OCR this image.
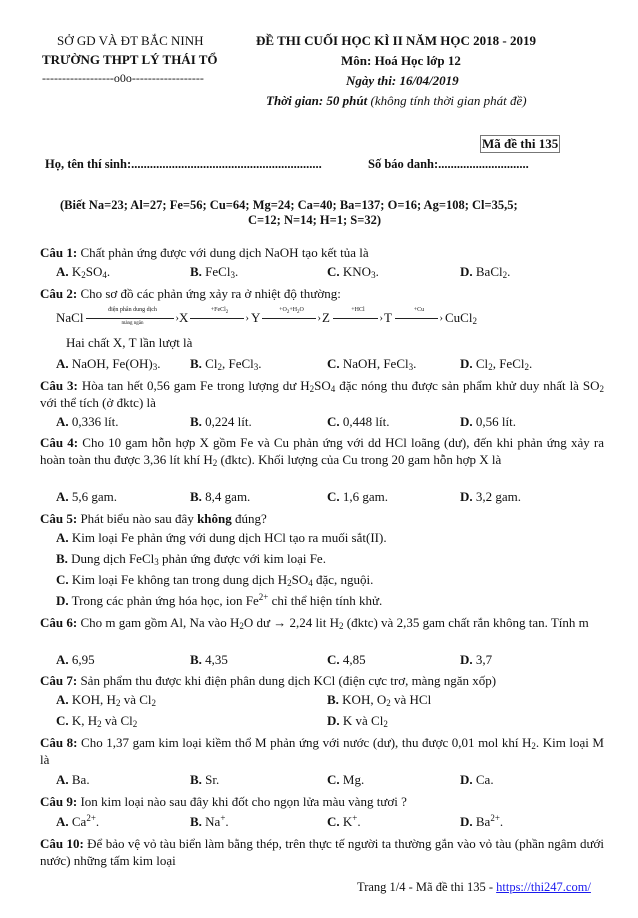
SỞ GD VÀ ĐT BẮC NINH
TRƯỜNG THPT LÝ THÁI TỔ
------------------o0o------------------
ĐỀ THI CUỐI HỌC KÌ II NĂM HỌC 2018 - 2019
Môn: Hoá Học lớp 12
Ngày thi: 16/04/2019
Thời gian: 50 phút (không tính thời gian phát đề)
Mã đề thi 135
Họ, tên thí sinh:.............................................................	Số báo danh:.............................
(Biết Na=23; Al=27; Fe=56; Cu=64; Mg=24; Ca=40; Ba=137; O=16; Ag=108; Cl=35,5;
C=12; N=14; H=1; S=32)
Câu 1: Chất phản ứng được với dung dịch NaOH tạo kết tủa là
A. $K_2SO_4$.	B. FeCl$_3$.	C. $KNO_3$.	D. BaCl$_2$.
Câu 2: Cho sơ đồ các phản ứng xảy ra ở nhiệt độ thường:
NaCl	điện phân dung dịch
›
màng ngăn	X	+FeCl$_2$	› Y	$+O_2+H_2O$
› Z	+HCl
› T	+Cu
› CuCl$_2$
Hai chất X, T lần lượt là
A. NaOH, $Fe(OH)_3$. B. $Cl_2$, FeCl$_3$.	C. NaOH, FeCl$_3$.	D. $Cl_2$, FeCl$_2$.
Câu 3: Hòa tan hết 0,56 gam Fe trong lượng dư $H_2SO_4$ đặc nóng thu được sản phẩm khử duy nhất là $SO_2$ với thể tích (ở đktc) là
A. 0,336 lít.	B. 0,224 lít.	C. 0,448 lít.	D. 0,56 lít.
Câu 4: Cho 10 gam hỗn hợp X gồm Fe và Cu phản ứng với dd HCl loãng (dư), đến khi phản ứng xảy ra hoàn toàn thu được 3,36 lít khí $H_2$ (đktc). Khối lượng của Cu trong 20 gam hỗn hợp X là
A. 5,6 gam.	B. 8,4 gam.	C. 1,6 gam.	D. 3,2 gam.
Câu 5: Phát biểu nào sau đây không đúng?
A. Kim loại Fe phản ứng với dung dịch HCl tạo ra muối sắt(II).
B. Dung dịch FeCl$_3$ phản ứng được với kim loại Fe.
C. Kim loại Fe không tan trong dung dịch $H_2SO_4$ đặc, nguội.
D. Trong các phản ứng hóa học, ion $Fe^{2+}$ chỉ thể hiện tính khử.
Câu 6: Cho m gam gồm Al, Na vào $H_2O$ dư → 2,24 lit $H_2$ (đktc) và 2,35 gam chất rắn không tan. Tính m
A. 6,95	B. 4,35	C. 4,85	D. 3,7
Câu 7: Sản phẩm thu được khi điện phân dung dịch KCl (điện cực trơ, màng ngăn xốp)
A. KOH, $H_2$ và $Cl_2$	B. KOH, $O_2$ và HCl
C. K, $H_2$ và $Cl_2$	D. K và $Cl_2$
Câu 8: Cho 1,37 gam kim loại kiềm thổ M phản ứng với nước (dư), thu được 0,01 mol khí $H_2$. Kim loại M là
A. Ba.	B. Sr.	C. Mg.	D. Ca.
Câu 9: Ion kim loại nào sau đây khi đốt cho ngọn lửa màu vàng tươi ?
A. $Ca^{2+}$.	B. Na+.	C. K+.	D. $Ba^{2+}$.
Câu 10: Để bảo vệ vỏ tàu biển làm bằng thép, trên thực tế người ta thường gắn vào vỏ tàu (phần ngâm dưới nước) những tấm kim loại
Trang 1/4 - Mã đề thi 135 - https://thi247.com/
